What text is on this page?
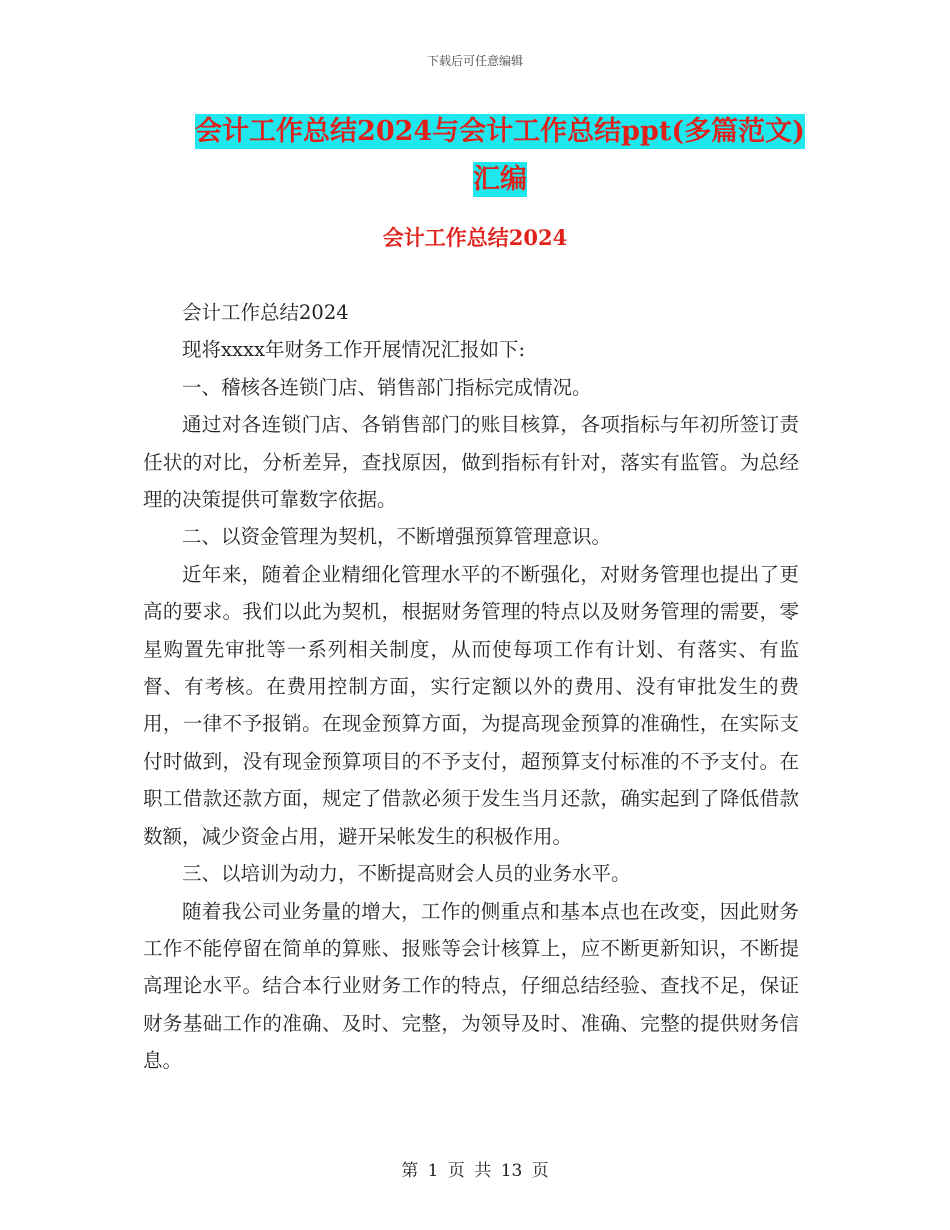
下载后可任意编辑
会计工作总结2024与会计工作总结ppt(多篇范文)汇编
会计工作总结2024

会计工作总结2024

现将xxxx年财务工作开展情况汇报如下:

一、稽核各连锁门店、销售部门指标完成情况。

通过对各连锁门店、各销售部门的账目核算，各项指标与年初所签订责任状的对比，分析差异，查找原因，做到指标有针对，落实有监管。为总经理的决策提供可靠数字依据。

二、以资金管理为契机，不断增强预算管理意识。

近年来，随着企业精细化管理水平的不断强化，对财务管理也提出了更高的要求。我们以此为契机，根据财务管理的特点以及财务管理的需要，零星购置先审批等一系列相关制度，从而使每项工作有计划、有落实、有监督、有考核。在费用控制方面，实行定额以外的费用、没有审批发生的费用，一律不予报销。在现金预算方面，为提高现金预算的准确性，在实际支付时做到，没有现金预算项目的不予支付，超预算支付标准的不予支付。在职工借款还款方面，规定了借款必须于发生当月还款，确实起到了降低借款数额，减少资金占用，避开呆帐发生的积极作用。

三、以培训为动力，不断提高财会人员的业务水平。

随着我公司业务量的增大，工作的侧重点和基本点也在改变，因此财务工作不能停留在简单的算账、报账等会计核算上，应不断更新知识，不断提高理论水平。结合本行业财务工作的特点，仔细总结经验、查找不足，保证财务基础工作的准确、及时、完整，为领导及时、准确、完整的提供财务信息。

第 1 页 共 13 页
